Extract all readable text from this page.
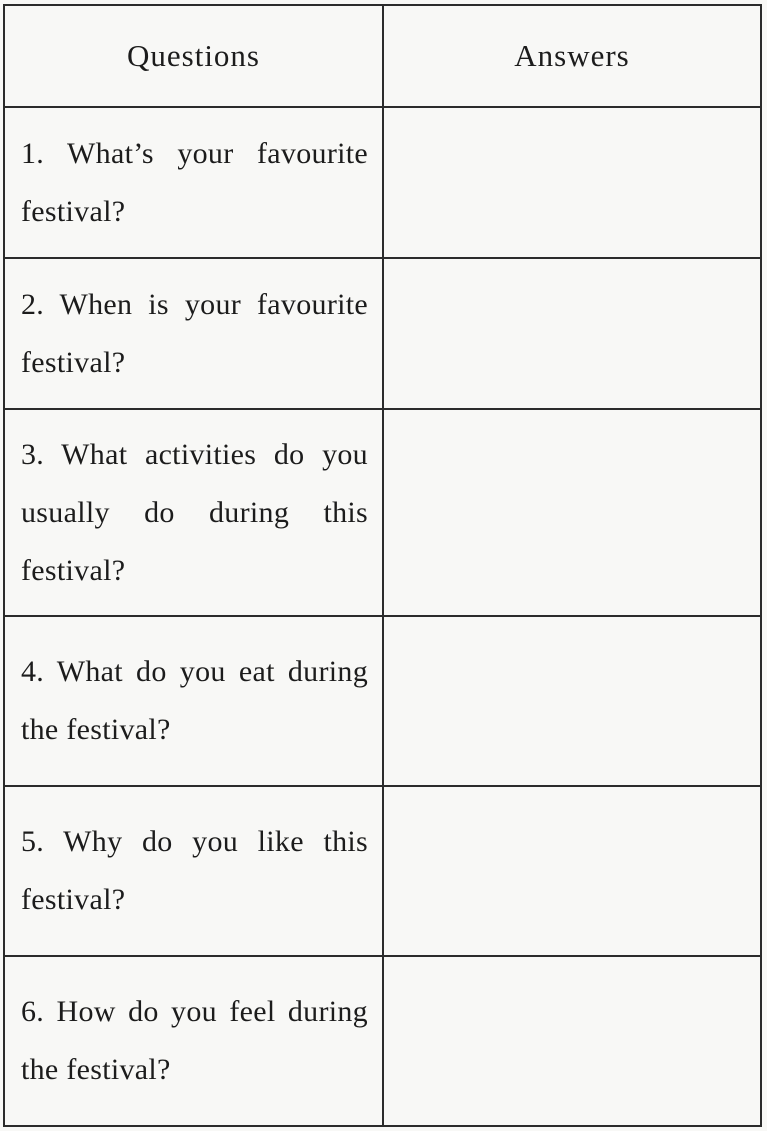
Questions	Answers
1. What’s your favourite festival?	
2. When is your favourite festival?	
3. What activities do you usually do during this festival?	
4. What do you eat during the festival?	
5. Why do you like this festival?	
6. How do you feel during the festival?	
